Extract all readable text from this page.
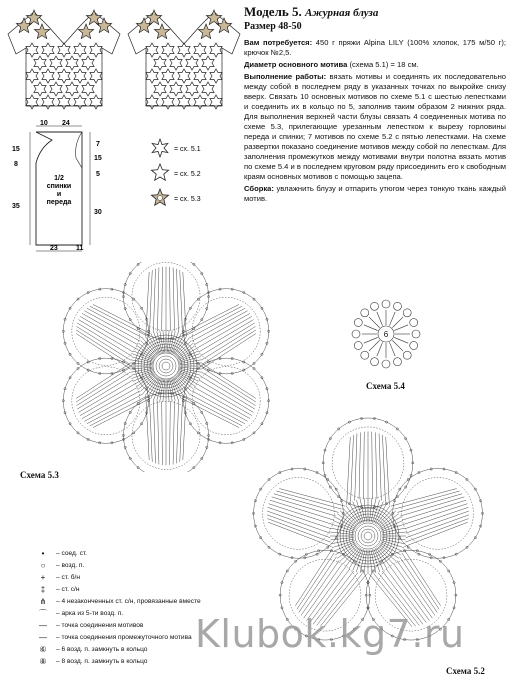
Модель 5. Ажурная блуза
Размер 48-50

Вам потребуется: 450 г пряжи Alpina LILY (100% хлопок, 175 м/50 г); крючок №2,5.

Диаметр основного мотива (схема 5.1) = 18 см.

Выполнение работы: вязать мотивы и соединять их последовательно между собой в последнем ряду в указанных точках по выкройке снизу вверх. Связать 10 основных мотивов по схеме 5.1 с шестью лепестками и соединить их в кольцо по 5, заполнив таким образом 2 нижних ряда. Для выполнения верхней части блузы связать 4 соединенных мотива по схеме 5.3, прилегающие урезанным лепестком к вырезу горловины переда и спинки; 7 мотивов по схеме 5.2 с пятью лепестками. На схеме развертки показано соединение мотивов между собой по лепесткам. Для заполнения промежутков между мотивами внутри полотна вязать мотив по схеме 5.4 и в последнем круговом ряду присоединить его к свободным краям основных мотивов с помощью зацепа.

Сборка: увлажнить блузу и отпарить утюгом через тонкую ткань каждый мотив.

10 24
15
8
35
7
15
5
30
23	11
1/2 спинки и переда
= сх. 5.1
= сх. 5.2
= сх. 5.3
Схема 5.3
6
Схема 5.4
Схема 5.2
•	– соед. ст.
○	– возд. п.
+	– ст. б/н
‡	– ст. с/н
⋔	– 4 незаконченных ст. с/н, провязанные вместе
⌒	– арка из 5-ти возд. п.
—	– точка соединения мотивов
—	– точка соединения промежуточного мотива
⑥	– 6 возд. п. замкнуть в кольцо
⑧	– 8 возд. п. замкнуть в кольцо
Klubok.kg7.ru
